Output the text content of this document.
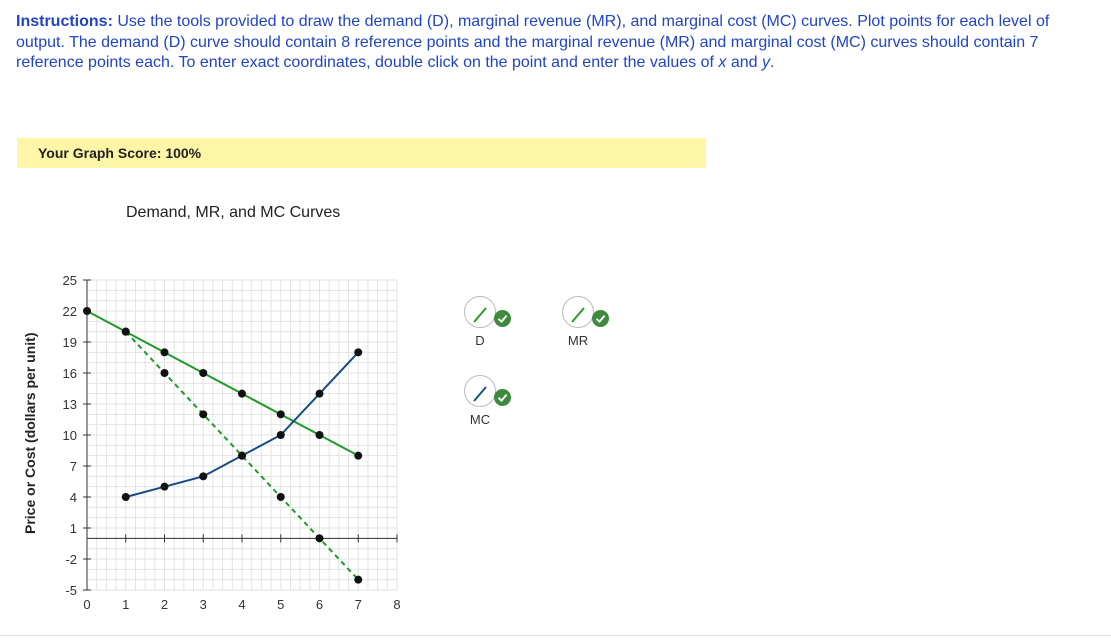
Instructions: Use the tools provided to draw the demand (D), marginal revenue (MR), and marginal cost (MC) curves. Plot points for each level of output. The demand (D) curve should contain 8 reference points and the marginal revenue (MR) and marginal cost (MC) curves should contain 7 reference points each. To enter exact coordinates, double click on the point and enter the values of x and y.
Your Graph Score: 100%
Demand, MR, and MC Curves
Price or Cost (dollars per unit)
0 1 2 3 4 5 6 7 8
25
22
19
16
13
10
7
4
1
-2
-5
D	MR
MC
